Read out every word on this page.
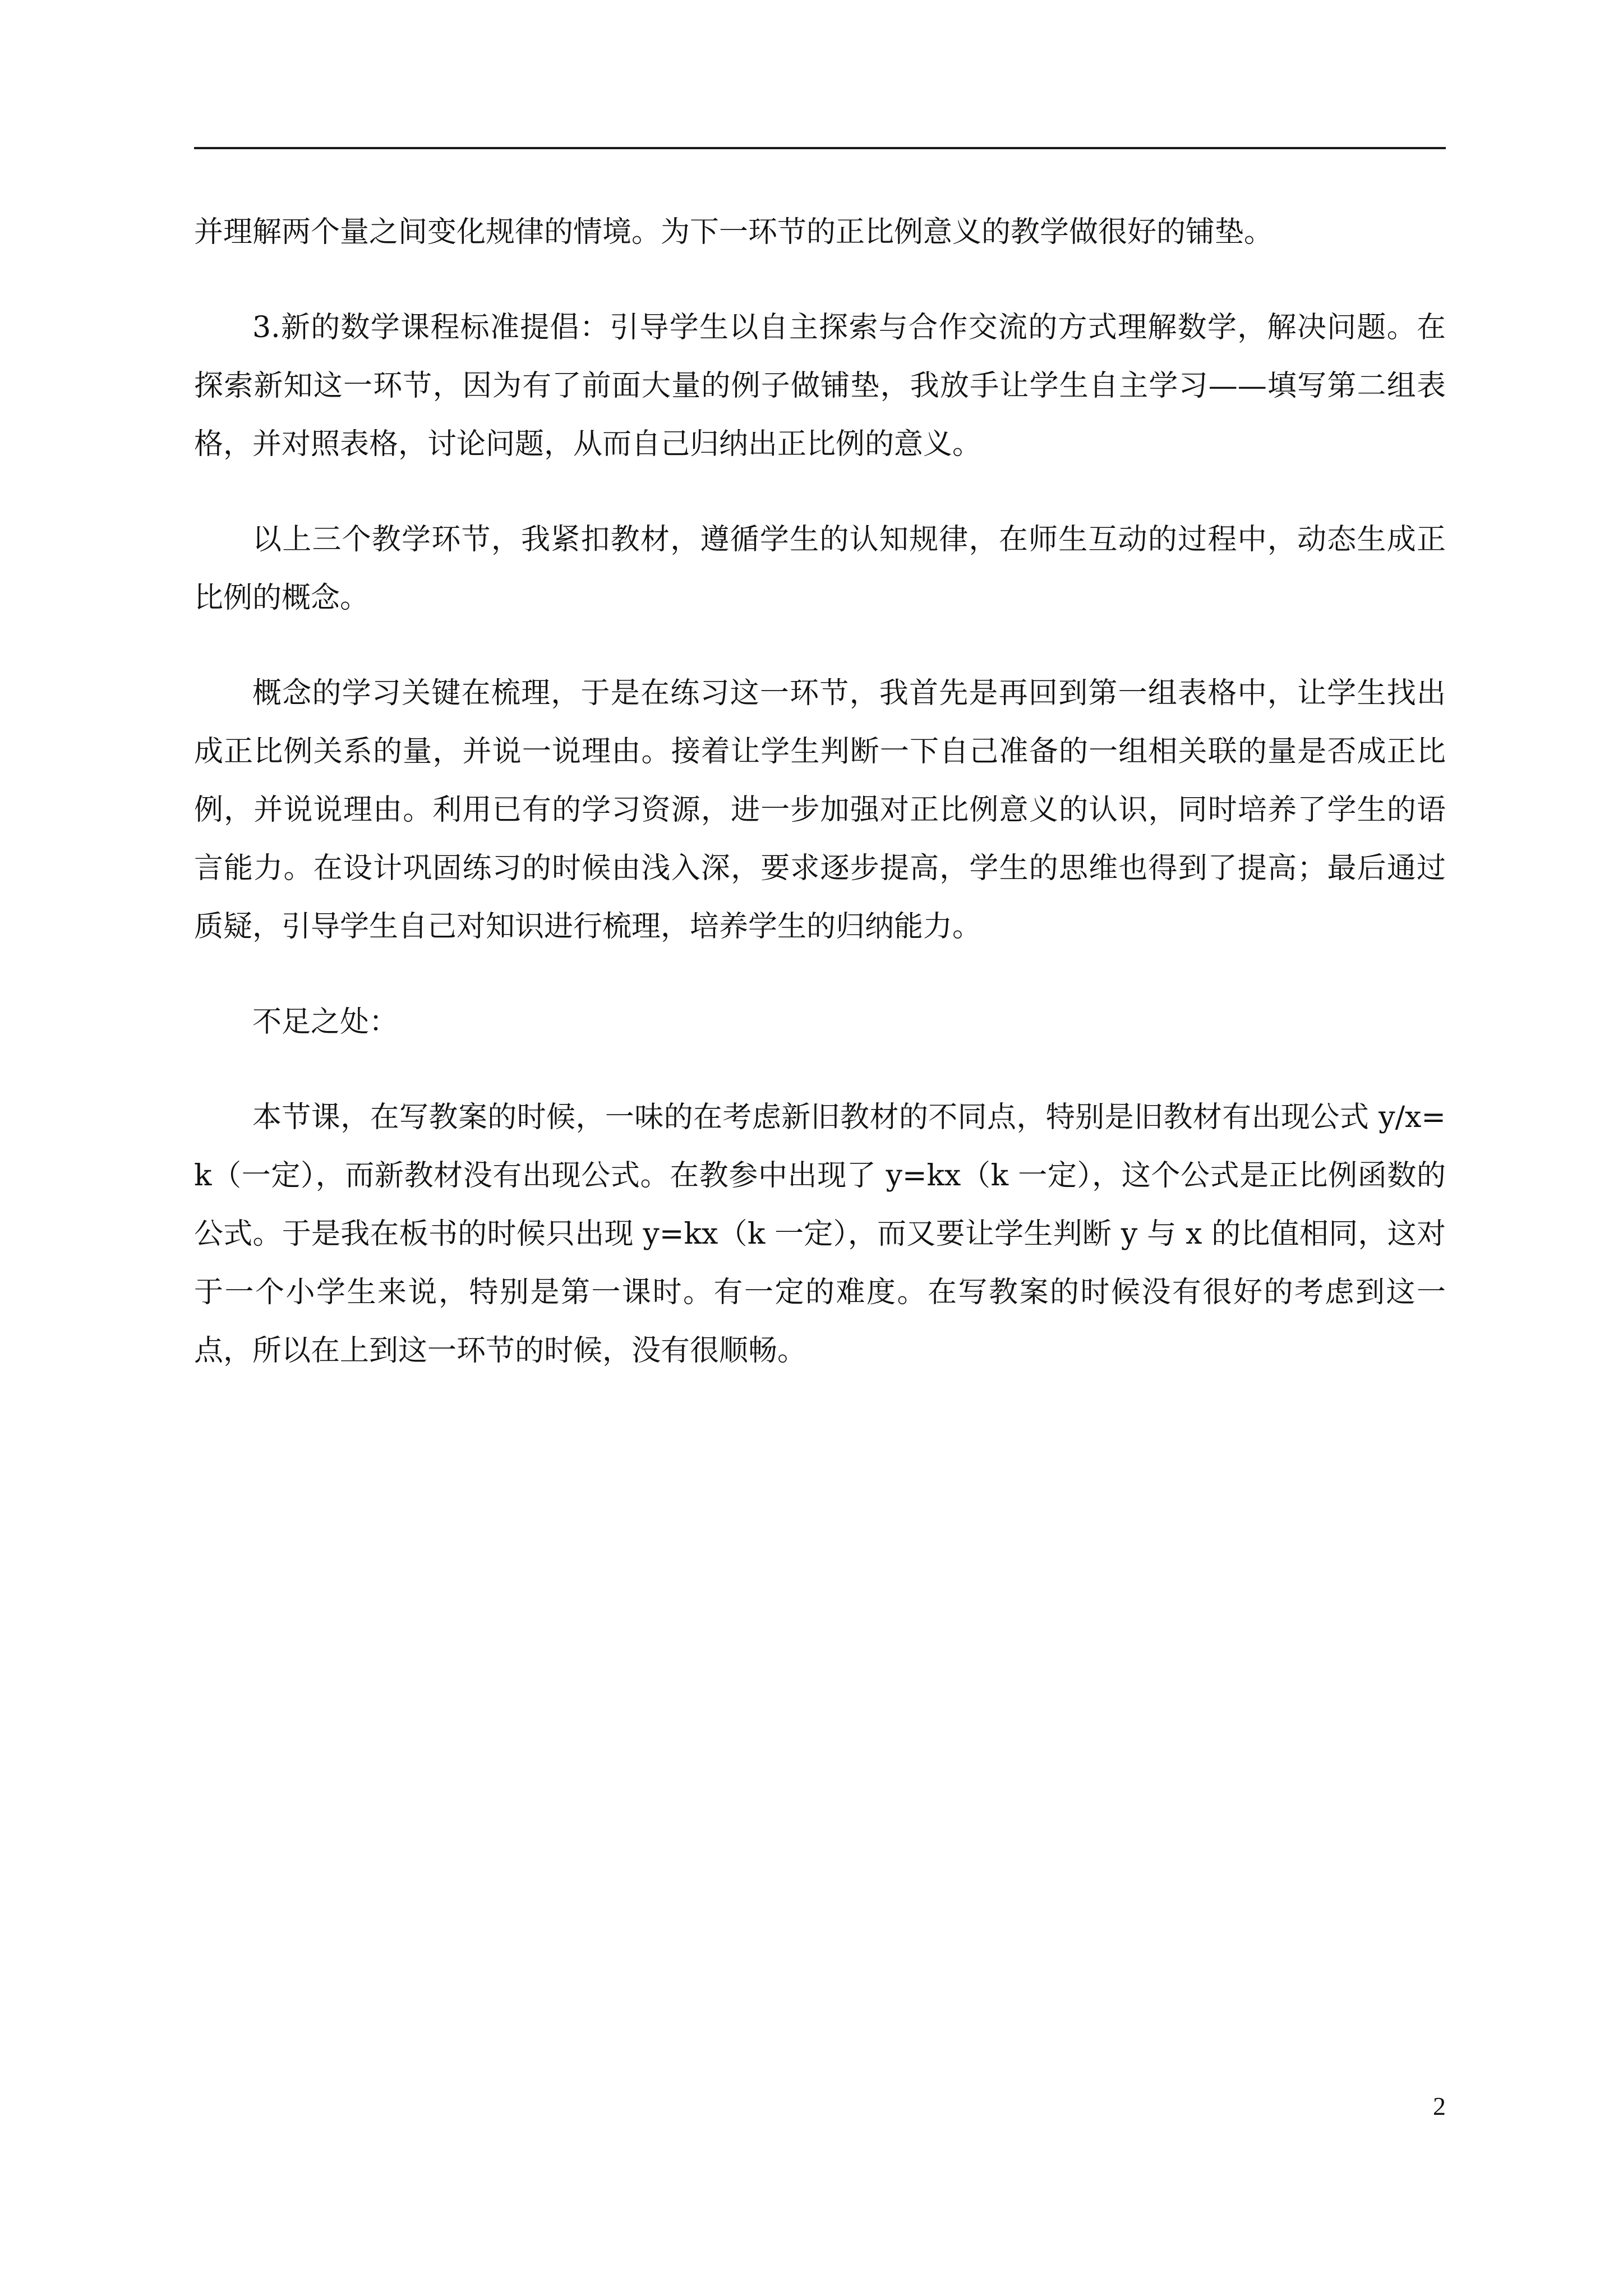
并理解两个量之间变化规律的情境。为下一环节的正比例意义的教学做很好的铺垫。

3.新的数学课程标准提倡：引导学生以自主探索与合作交流的方式理解数学，解决问题。在探索新知这一环节，因为有了前面大量的例子做铺垫，我放手让学生自主学习——填写第二组表格，并对照表格，讨论问题，从而自己归纳出正比例的意义。

以上三个教学环节，我紧扣教材，遵循学生的认知规律，在师生互动的过程中，动态生成正比例的概念。

概念的学习关键在梳理，于是在练习这一环节，我首先是再回到第一组表格中，让学生找出成正比例关系的量，并说一说理由。接着让学生判断一下自己准备的一组相关联的量是否成正比例，并说说理由。利用已有的学习资源，进一步加强对正比例意义的认识，同时培养了学生的语言能力。在设计巩固练习的时候由浅入深，要求逐步提高，学生的思维也得到了提高；最后通过质疑，引导学生自己对知识进行梳理，培养学生的归纳能力。

不足之处：

本节课，在写教案的时候，一味的在考虑新旧教材的不同点，特别是旧教材有出现公式 y/x=k（一定），而新教材没有出现公式。在教参中出现了 y=kx（k 一定），这个公式是正比例函数的公式。于是我在板书的时候只出现 y=kx（k 一定），而又要让学生判断 y 与 x 的比值相同，这对于一个小学生来说，特别是第一课时。有一定的难度。在写教案的时候没有很好的考虑到这一点，所以在上到这一环节的时候，没有很顺畅。

2
